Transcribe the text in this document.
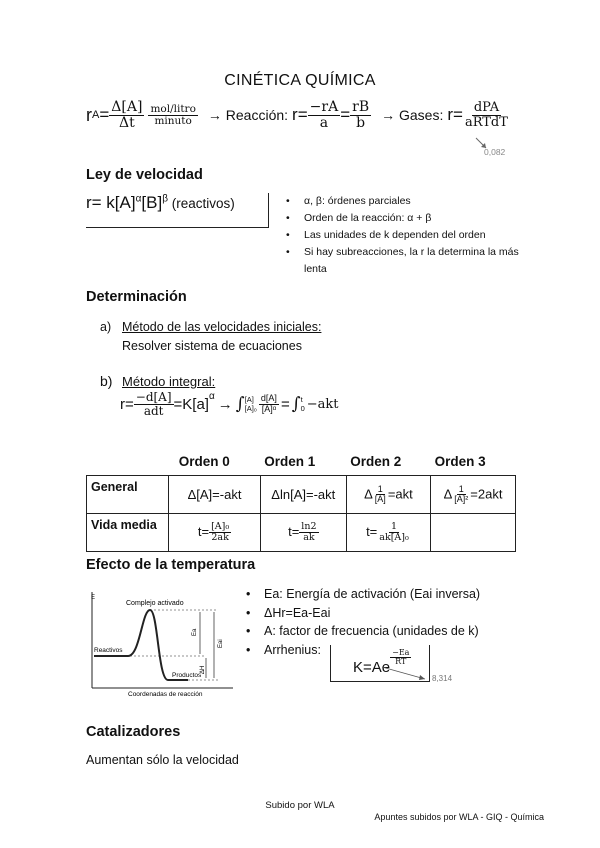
CINÉTICA QUÍMICA
r $A = \frac{\Delta[A]}{\Delta t} \frac{\text{mol/litro}}{\text{minuto}}$ → Reacción: $r= \frac{-rA}{a} = \frac{rB}{b}$ → Gases: $r= \frac{\text{dPA}}{\text{aRTdT}}$
0,082
Ley de velocidad
$r= k[A]^\alpha[B]^\beta$ (reactivos)	• α, β: órdenes parciales
• Orden de la reacción: α + β
• Las unidades de k dependen del orden
• Si hay subreacciones, la r la determina la más lenta
Determinación
a) Método de las velocidades iniciales:
Resolver sistema de ecuaciones
b) Método integral:
$r= \frac{-d[A]}{\text{adt}} =K[a]^\alpha$ → ∫ [A]
$[A]_0 \frac{d[A]}{\text{[A]ᵅ}}$ = ∫ t
0 −akt
	Orden 0	Orden 1	Orden 2	Orden 3
General	Δ[A]=-akt	Δln[A]=-akt	Δ $\frac{1}{[A]} =akt$	Δ $\frac{1}{\text{[A]²}} =2akt$
Vida media	$t= \frac{\text{[A]₀}}{2ak}$	$t= \frac{\ln 2}{ak}$	$t= \frac{1}{\text{ak[A]₀}}$

Efecto de la temperatura
E
Complejo activado
Reactivos
Productos
Coordenadas de reacción
Ea
Eai
ΔH
• Ea: Energía de activación (Eai inversa)
• ΔHr=Ea-Eai
• A: factor de frecuencia (unidades de k)
• Arrhenius:
K=Ae
$\frac{-Ea}{RT}$
8,314
Catalizadores
Aumentan sólo la velocidad
Subido por WLA
Apuntes subidos por WLA - GIQ - Química
